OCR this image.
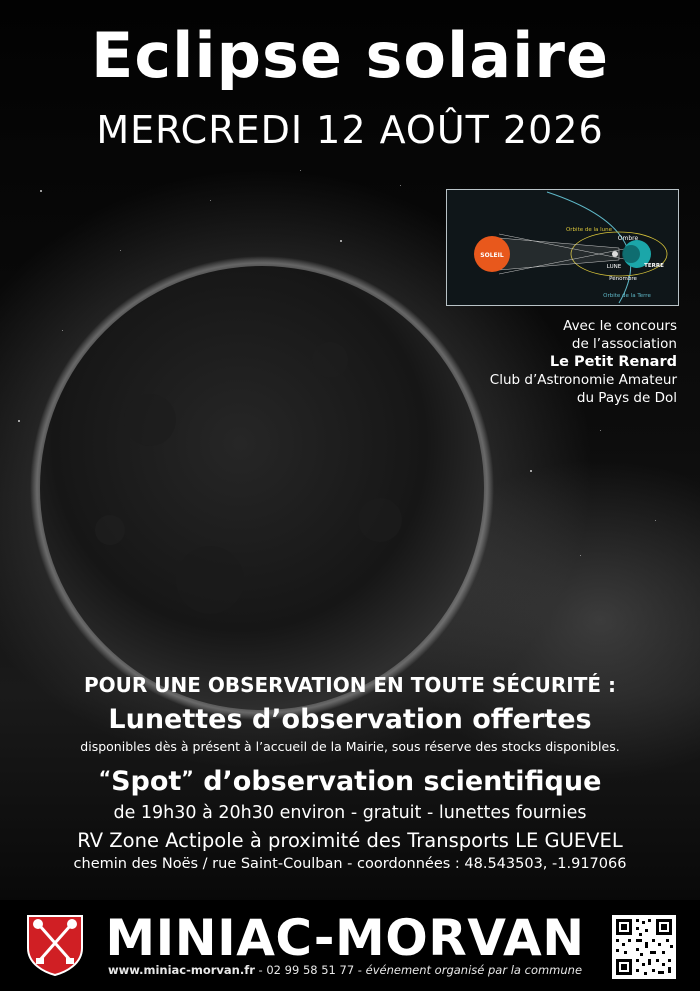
Eclipse solaire
MERCREDI 12 AOÛT 2026
SOLEIL
Orbite de la lune
Ombre
LUNE	TERRE
Pénombre
Orbite de la Terre
Avec le concours
de l’association
Le Petit Renard
Club d’Astronomie Amateur
du Pays de Dol
POUR UNE OBSERVATION EN TOUTE SÉCURITÉ :
Lunettes d’observation offertes
disponibles dès à présent à l’accueil de la Mairie, sous réserve des stocks disponibles.
“Spot” d’observation scientifique
de 19h30 à 20h30 environ - gratuit - lunettes fournies
RV Zone Actipole à proximité des Transports LE GUEVEL
chemin des Noës / rue Saint-Coulban - coordonnées : 48.543503, -1.917066
MINIAC-MORVAN
www.miniac-morvan.fr - 02 99 58 51 77 - événement organisé par la commune
